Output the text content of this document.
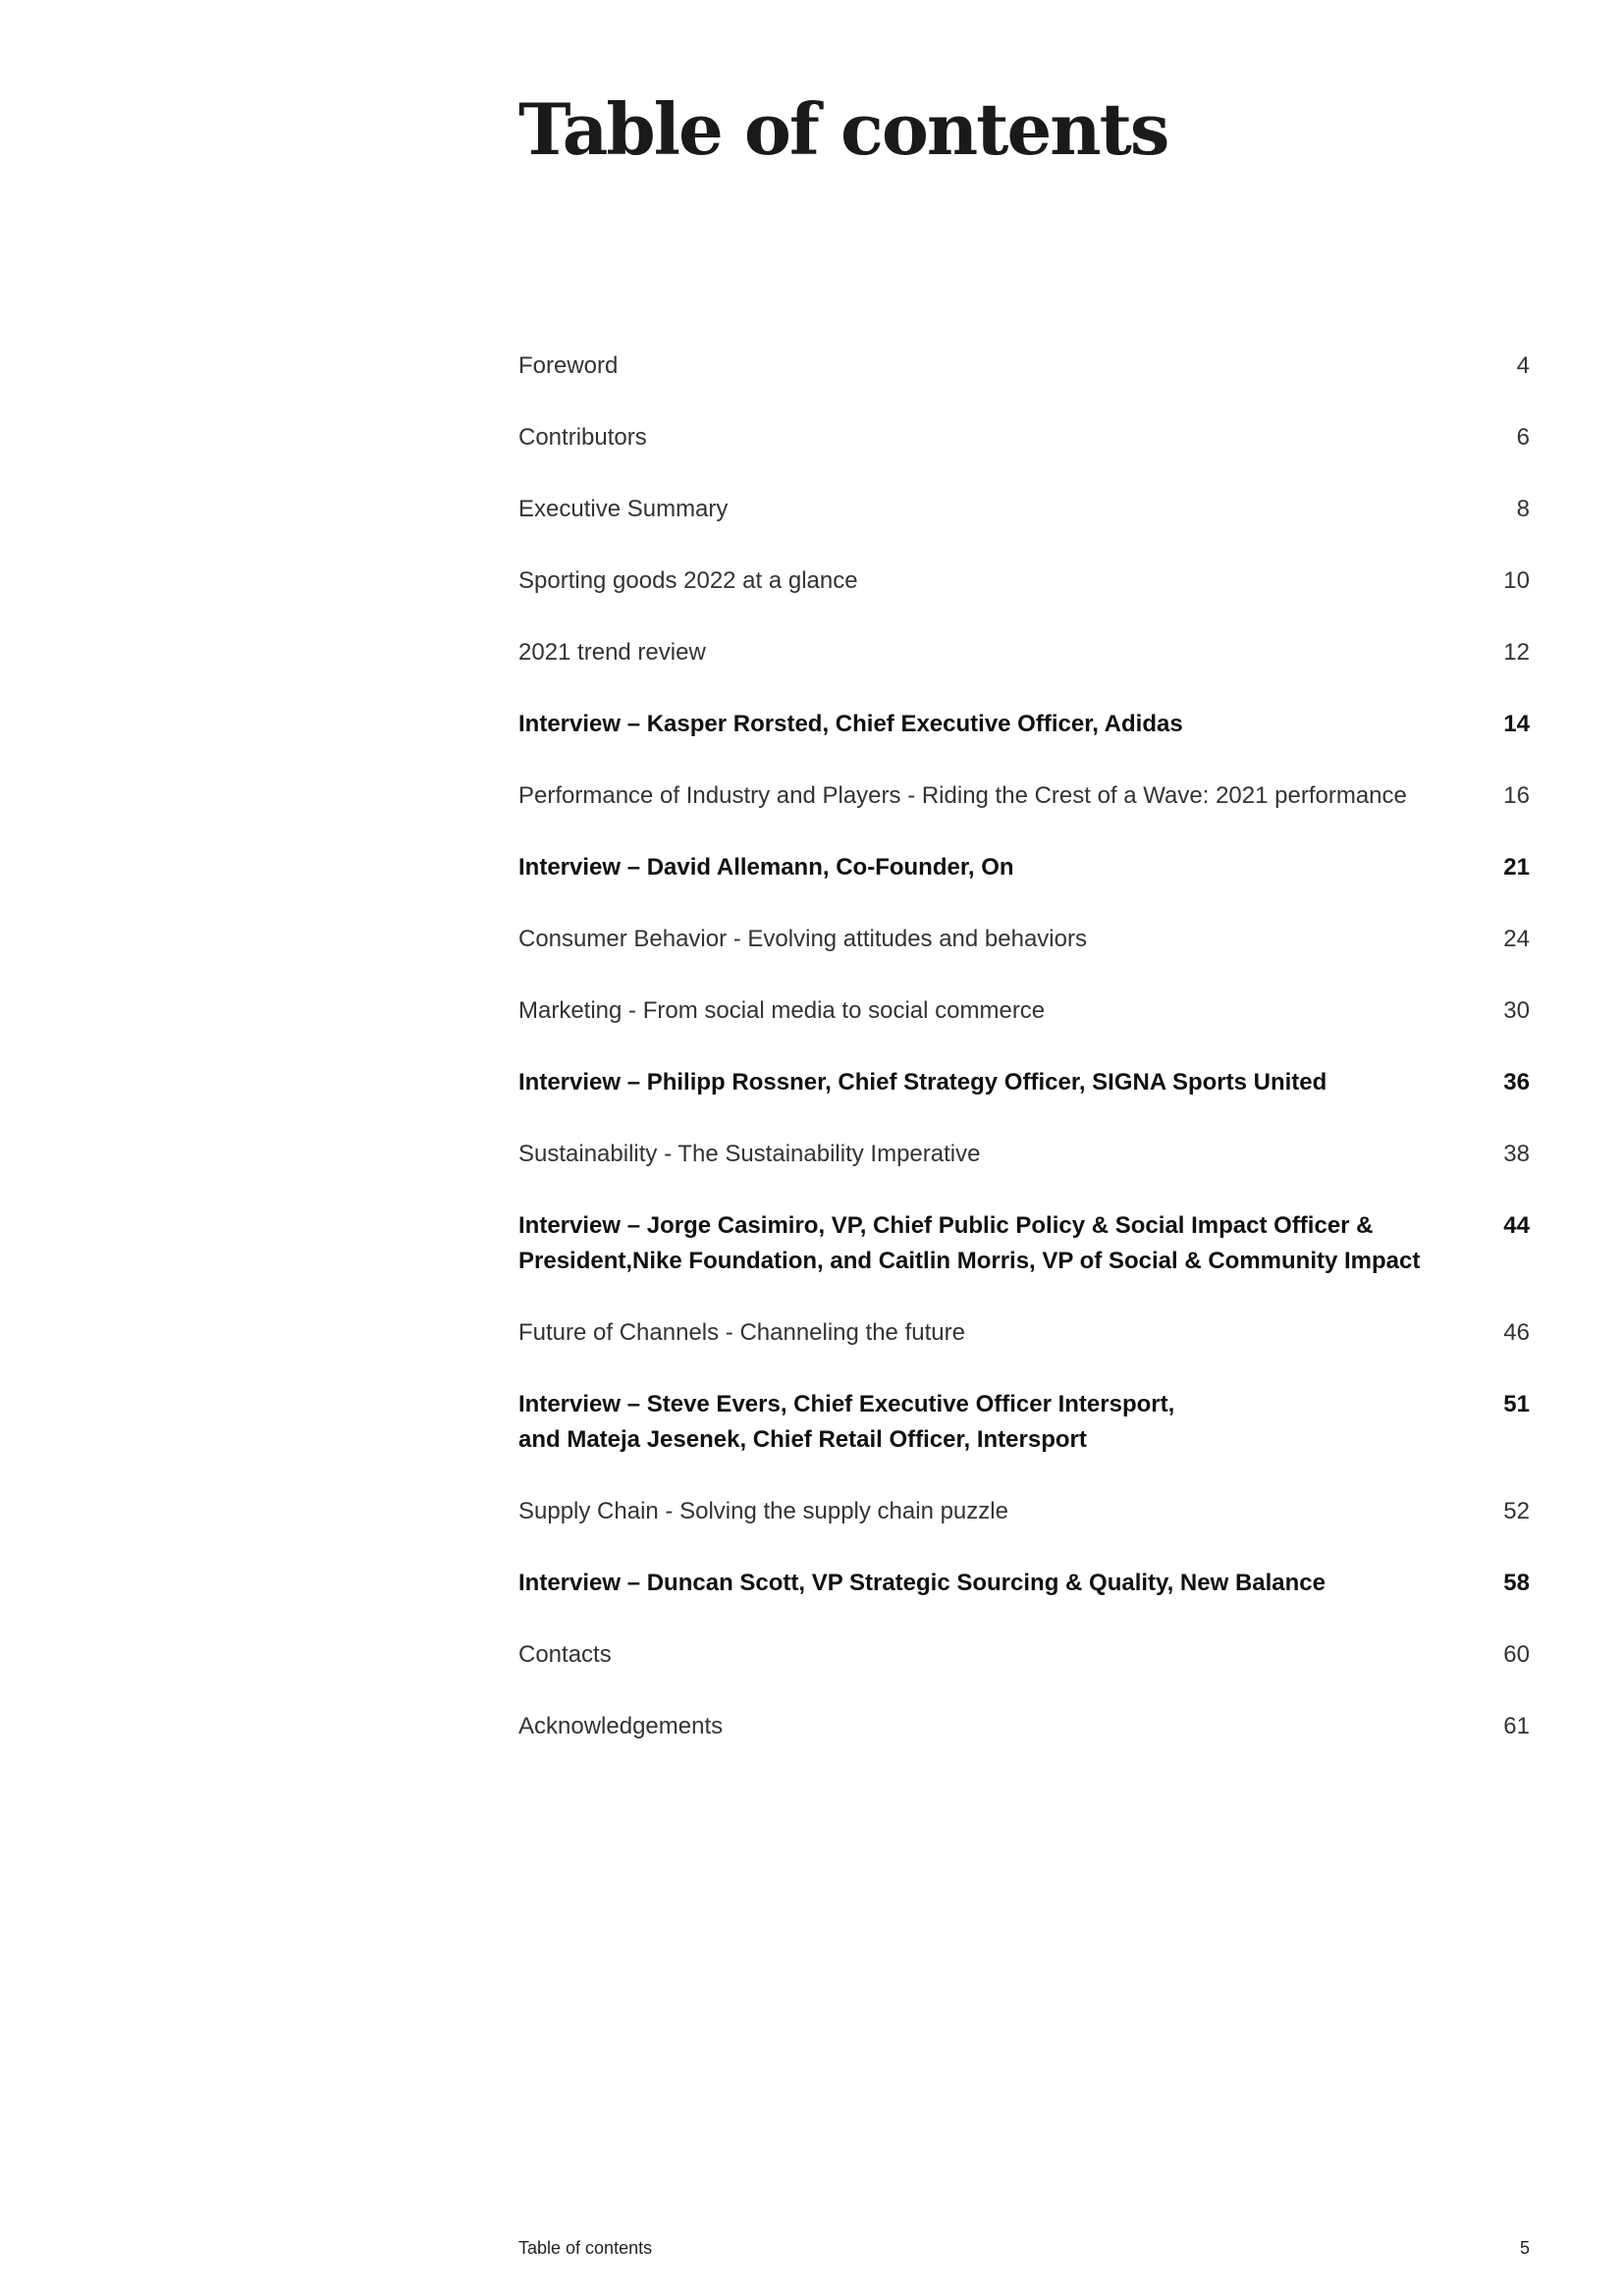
Table of contents
Foreword	4
Contributors	6
Executive Summary	8
Sporting goods 2022 at a glance	10
2021 trend review	12
Interview – Kasper Rorsted, Chief Executive Officer, Adidas	14
Performance of Industry and Players - Riding the Crest of a Wave: 2021 performance	16
Interview – David Allemann, Co-Founder, On	21
Consumer Behavior - Evolving attitudes and behaviors	24
Marketing - From social media to social commerce	30
Interview – Philipp Rossner, Chief Strategy Officer, SIGNA Sports United	36
Sustainability - The Sustainability Imperative	38
Interview – Jorge Casimiro, VP, Chief Public Policy & Social Impact Officer &
President,Nike Foundation, and Caitlin Morris, VP of Social & Community Impact
44
Future of Channels - Channeling the future	46
Interview – Steve Evers, Chief Executive Officer Intersport,
and Mateja Jesenek, Chief Retail Officer, Intersport
51
Supply Chain - Solving the supply chain puzzle	52
Interview – Duncan Scott, VP Strategic Sourcing & Quality, New Balance	58
Contacts	60
Acknowledgements	61
Table of contents	5
